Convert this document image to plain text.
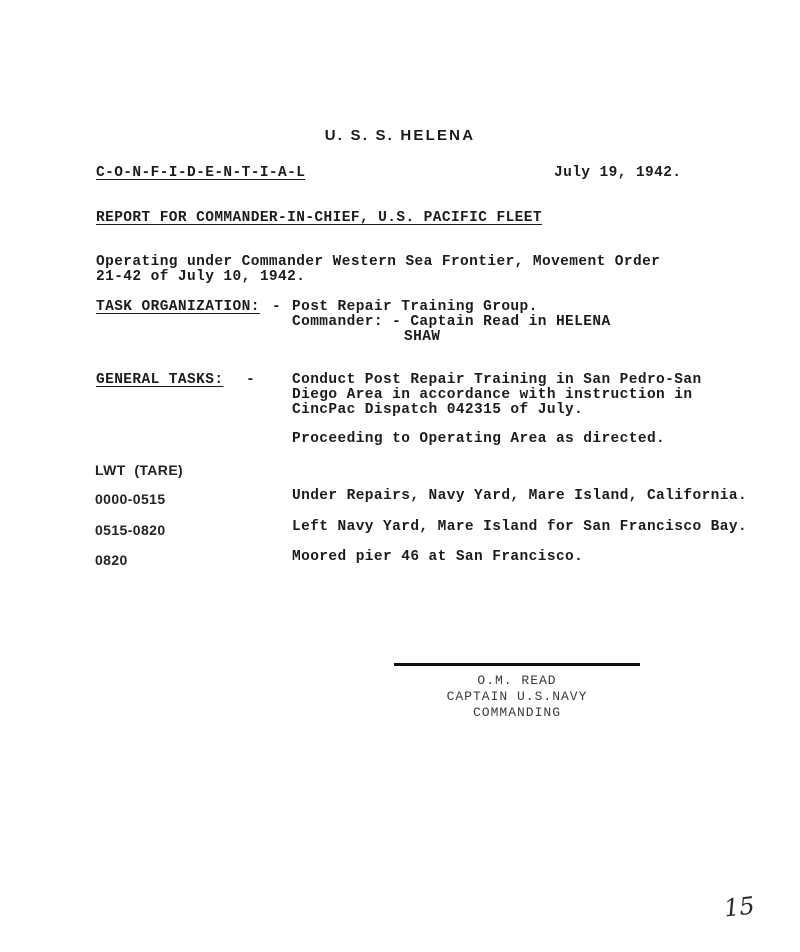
U. S. S. HELENA
C-O-N-F-I-D-E-N-T-I-A-L	July 19, 1942.
REPORT FOR COMMANDER-IN-CHIEF, U.S. PACIFIC FLEET
Operating under Commander Western Sea Frontier, Movement Order
21-42 of July 10, 1942.
TASK ORGANIZATION: - Post Repair Training Group.
Commander: - Captain Read in HELENA
SHAW
GENERAL TASKS: -	Conduct Post Repair Training in San Pedro-San
Diego Area in accordance with instruction in
CincPac Dispatch 042315 of July.
Proceeding to Operating Area as directed.
LWT  (TARE)
0000-0515	Under Repairs, Navy Yard, Mare Island, California.
0515-0820	Left Navy Yard, Mare Island for San Francisco Bay.
0820	Moored pier 46 at San Francisco.
O.M. READ
CAPTAIN U.S.NAVY
COMMANDING
15
